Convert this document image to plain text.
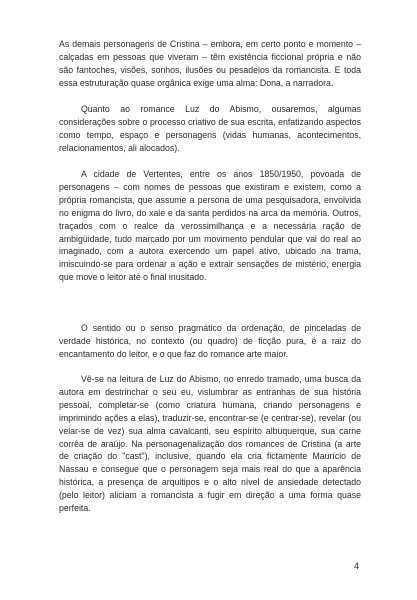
As demais personagens de Cristina – embora, em certo ponto e momento – calçadas em pessoas que viveram – têm existência ficcional própria e não são fantoches, visões, sonhos, ilusões ou pesadelos da romancista. E toda essa estruturação quase orgânica exige uma alma: Dona, a narradora.

Quanto ao romance Luz do Abismo, ousaremos, algumas considerações sobre o processo criativo de sua escrita, enfatizando aspectos como tempo, espaço e personagens (vidas humanas, acontecimentos, relacionamentos, ali alocados).

A cidade de Vertentes, entre os anos 1850/1950, povoada de personagens – com nomes de pessoas que existiram e existem, como a própria romancista, que assume a persona de uma pesquisadora, envolvida no enigma do livro, do xale e da santa perdidos na arca da memória. Outros, traçados com o realce da verossimilhança e a necessária ração de ambigüidade, tudo marcado por um movimento pendular que vai do real ao imaginado, com a autora exercendo um papel ativo, ubicado na trama, imiscuindo-se para ordenar a ação e extrair sensações de mistério, energia que move o leitor até o final inusitado.

O sentido ou o senso pragmático da ordenação, de pinceladas de verdade histórica, no contexto (ou quadro) de ficção pura, é a raiz do encantamento do leitor, e o que faz do romance arte maior.

Vê-se na leitura de Luz do Abismo, no enredo tramado, uma busca da autora em destrinchar o seu eu, vislumbrar as entranhas de sua história pessoal, completar-se (como criatura humana, criando personagens e imprimindo ações a elas), traduzir-se, encontrar-se (e centrar-se), revelar (ou velar-se de vez) sua alma cavalcanti, seu espírito albuquerque, sua carne corrêa de araújo. Na personagenalização dos romances de Cristina (a arte de criação do "cast"), inclusive, quando ela cria fictamente Maurício de Nassau e consegue que o personagem seja mais real do que a aparência histórica, a presença de arquitipos e o alto nível de ansiedade detectado (pelo leitor) aliciam a romancista a fugir em direção a uma forma quase perfeita.

4
